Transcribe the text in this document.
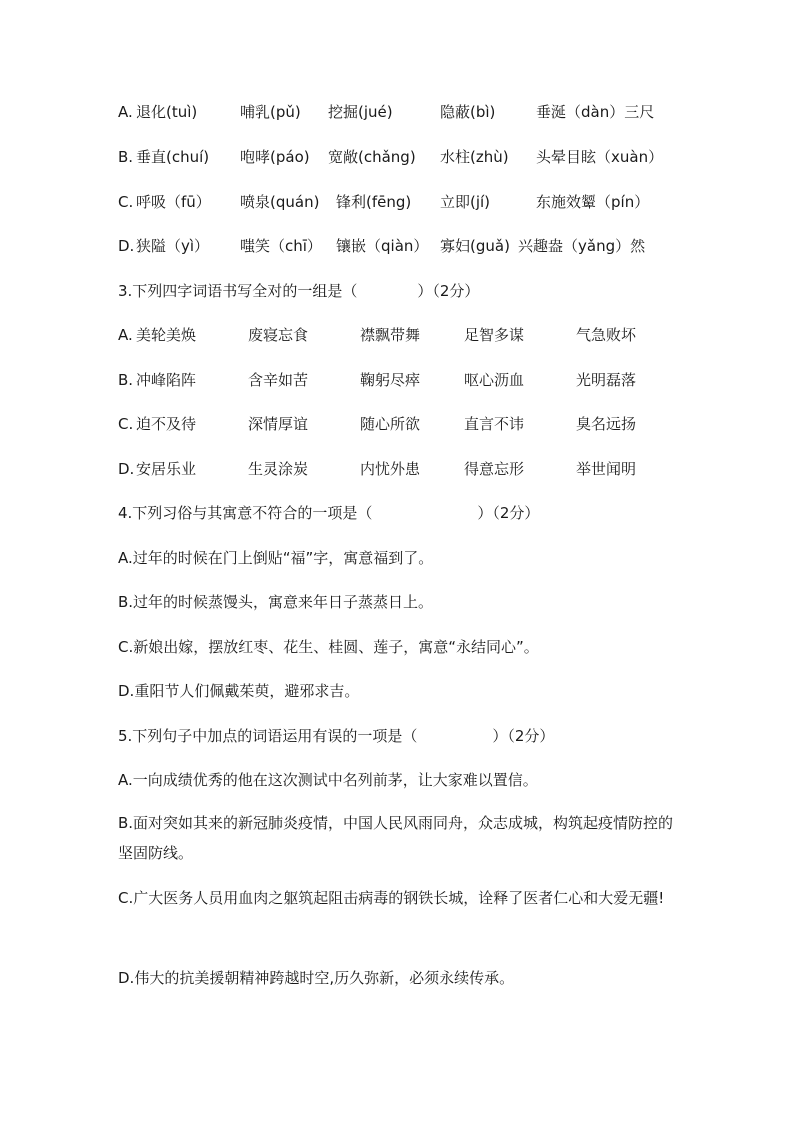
A. 退化(tuì)	哺乳(pǔ) 挖掘(jué)	隐蔽(bì)	垂涎（dàn）三尺
B. 垂直(chuí) 咆哮(páo) 宽敞(chǎng) 水柱(zhù) 头晕目眩（xuàn）
C. 呼吸（fū） 喷泉(quán) 锋利(fēng) 立即(jí)	东施效颦（pín）
D. 狭隘（yì） 嗤笑（chī） 镶嵌（qiàn） 寡妇(guǎ) 兴趣盎（yǎng）然
3.下列四字词语书写全对的一组是（　　　　）（2分）
A. 美轮美焕	废寝忘食	襟飘带舞	足智多谋	气急败坏
B. 冲峰陷阵	含辛如苦	鞠躬尽瘁	呕心沥血	光明磊落
C. 迫不及待	深情厚谊	随心所欲	直言不讳	臭名远扬
D. 安居乐业	生灵涂炭	内忧外患	得意忘形	举世闻明
4.下列习俗与其寓意不符合的一项是（　　　　　　　）（2分）
A.过年的时候在门上倒贴“福”字，寓意福到了。
B.过年的时候蒸馒头，寓意来年日子蒸蒸日上。
C.新娘出嫁，摆放红枣、花生、桂圆、莲子，寓意“永结同心”。
D.重阳节人们佩戴茱萸，避邪求吉。
5.下列句子中加点的词语运用有误的一项是（　　　　　）（2分）
A.一向成绩优秀的他在这次测试中名列前茅，让大家难以置信。
B.面对突如其来的新冠肺炎疫情，中国人民风雨同舟，众志成城，构筑起疫情防控的坚固防线。
C.广大医务人员用血肉之躯筑起阻击病毒的钢铁长城，诠释了医者仁心和大爱无疆!
D.伟大的抗美援朝精神跨越时空,历久弥新，必须永续传承。
